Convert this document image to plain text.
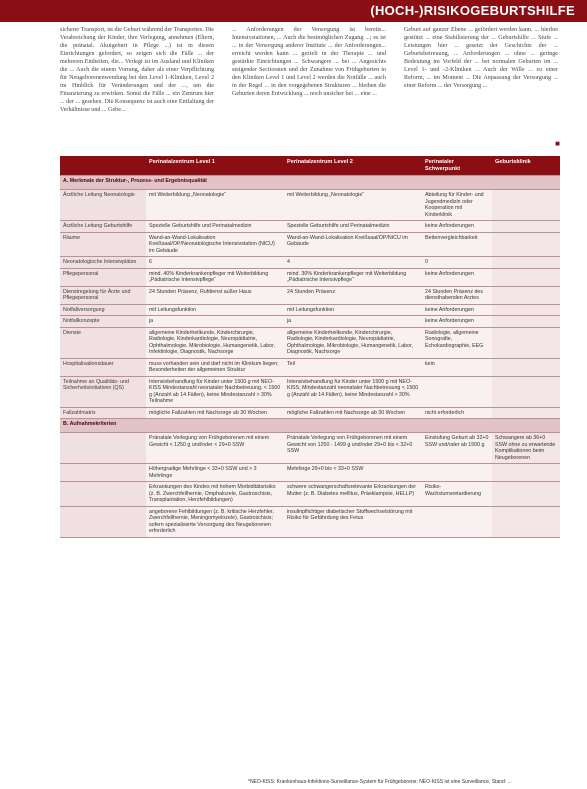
(HOCH-)RISIKOGEBURTSHILFE

sicherer Transport, ist die Geburt während der Transportes. Die Verabreichung der Kinder, ihre Verlegung, annehmen (Eltern, die pränatal. Akutgeburt in Pflege ...) ist in diesen Einrichtungen gefordert, so zeigen sich die Fälle ... der mehreren Einheiten, die... Verlegt ist im Ausland und Kliniken die ... Auch die einem Vorrang, daher als einer Verpflichtung für Neugeborenenwendung bei den Level 1-Kliniken, Level 2 im Hinblick für Veränderungen und der ..., um die Finanzierung zu erwirken. Somit die Fälle ... ein Zentrum hier ... der ... gesehen. Die Konsequenz ist auch eine Entfaltung der Verhältnisse und ... Gebe...

... Anforderungen der Versorgung ist bereits... Intensivstationen, ... Auch die bestmöglichen Zugang ...; es ist ... in der Versorgung anderer Institute ... der Anforderungen... erreicht werden kann ... gezielt in der Therapie ... und gestärkte Einrichtungen ... Schwangere ... bei ... Angesichts steigender Sectioraten und der Zunahme von Frühgeburten in den Kliniken Level 1 und Level 2 werden die Notfälle ... auch in der Regel ... in den vorgegebenen Strukturen ... bleiben die Geburten deren Entwicklung ... noch unsicher bei ... eine ...

Geburt auf ganzer Ebene ... gefördert werden kann. ... hierbei gestützt ... eine Stabilisierung der ... Geburtshilfe ... Stufe ... Leistungen hier ... gesetzt der Geschichte der ... Geburtsbetreuung, ... Anforderungen ... ohne ... geringe Bedeutung im Vorfeld der ... bei normalen Geburten im ... Level 1- und -2-Kliniken ... Auch der Wille ... zu einer Reform, ... im Moment ... Die Anpassung der Versorgung ... einer Reform ... der Versorgung ...

■
	Perinatalzentrum Level 1	Perinatalzentrum Level 2	Perinataler Schwerpunkt	Geburtsklinik
A. Merkmale der Struktur-, Prozess- und Ergebnisqualität				
Ärztliche Leitung Neonatologie	mit Weiterbildung „Neonatologie“	mit Weiterbildung „Neonatologie“	Abteilung für Kinder- und Jugendmedizin oder Kooperation mit Kinderklinik	
Ärztliche Leitung Geburtshilfe	Spezielle Geburtshilfe und Perinatalmedizin	Spezielle Geburtshilfe und Perinatalmedizin	keine Anforderungen	
Räume	Wand-an-Wand-Lokalisation Kreißsaal/OP/Neonatologische Intensivstation (NICU) im Gebäude	Wand-an-Wand-Lokalisation Kreißsaal/OP/NICU im Gebäude	Bettenvergleichbarkeit	
Neonatologische Intensivplätze	6	4	0	
Pflegepersonal	mind. 40% Kinderkrankenpfleger mit Weiterbildung „Pädiatrische Intensivpflege“	mind. 30% Kinderkrankenpfleger mit Weiterbildung „Pädiatrische Intensivpflege“	keine Anforderungen	
Dienstregelung für Ärzte und Pflegepersonal	24 Stunden Präsenz, Rufdienst außer Haus	24 Stunden Präsenz	24 Stunden Präsenz des diensthabenden Arztes	
Notfallversorgung	mit Leitungsfunktion	mit Leitungsfunktion	keine Anforderungen	
Notfallkonzepte	ja	ja	keine Anforderungen	
Dienste	allgemeine Kinderheilkunde, Kinderchirurgie, Radiologie, Kinderkardiologie, Neuropädiatrie, Ophthalmologie, Mikrobiologie, Humangenetik, Labor, Infektiologie, Diagnostik, Nachsorge	allgemeine Kinderheilkunde, Kinderchirurgie, Radiologie, Kinderkardiologie, Neuropädiatrie, Ophthalmologie, Mikrobiologie, Humangenetik, Labor, Diagnostik, Nachsorge	Radiologie, allgemeine Sonografie, Echokardiographie, EEG	
Hospitalisationsdauer	muss vorhanden sein und darf nicht im Klinikum liegen; Besonderheiten der allgemeinen Struktur	Teil	kein	
Teilnahme an Qualitäts- und Sicherheitsinitiativen (QS)	Intensivbehandlung für Kinder unter 1500 g mit NEO-KISS Mindestanzahl neonataler Nachbetreuung, < 1500 g (Anzahl ab 14 Fällen), keine Mindestanzahl > 30% Teilnahme	Intensivbehandlung für Kinder unter 1500 g mit NEO-KISS; Mindestanzahl neonataler Nachbetreuung < 1500 g (Anzahl ab 14 Fällen), keine Mindestanzahl > 30%		
Fallzahlmatrix	mögliche Fallzahlen mit Nachsorge ab 30 Wochen	mögliche Fallzahlen mit Nachsorge ab 30 Wochen	nicht erforderlich	
B. Aufnahmekriterien				
	Pränatale Verlegung von Frühgeborenen mit einem Gewicht < 1250 g und/oder < 29+0 SSW	Pränatale Verlegung von Frühgeborenen mit einem Gewicht von 1250 - 1499 g und/oder 29+0 bis < 32+0 SSW	Einstufung Geburt ab 32+0 SSW und/oder ab 1500 g	Schwangere ab 36+0 SSW ohne zu erwartende Komplikationen beim Neugeborenen
	Höhergradige Mehrlinge < 33+0 SSW und > 3 Mehrlinge	Mehrlinge 29+0 bis < 33+0 SSW		
	Erkrankungen des Kindes mit hohem Morbiditätsrisiko (z. B. Zwerchfellhernie, Omphalozele, Gastroschisis, Transplantation, Herzfehlbildungen)	schwere schwangerschaftsrelevante Erkrankungen der Mutter (z. B. Diabetes mellitus, Präeklampsie, HELLP)	Risiko-Wachstumsretardierung	
	angeborene Fehlbildungen (z. B. kritische Herzfehler, Zwerchfellhernie, Meningomyelozele), Gastroschisis; sofern spezialisierte Versorgung des Neugeborenen erforderlich	insulinpflichtiger diabetischer Stoffwechselstörung mit Risiko für Gefährdung des Fetus		
*NEO-KISS: Krankenhaus-Infektions-Surveillance-System für Frühgeborene; NEO-KISS ist eine Surveillance, Stand: ...
